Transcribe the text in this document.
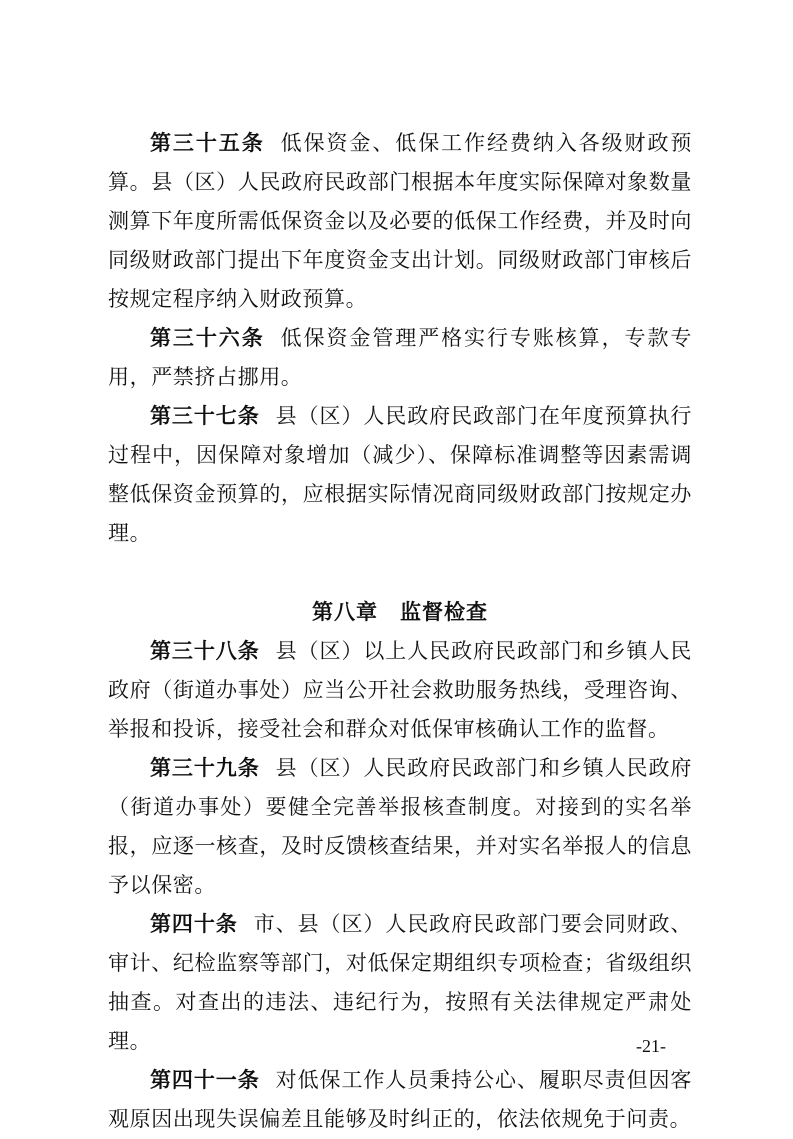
第三十五条 低保资金、低保工作经费纳入各级财政预算。县（区）人民政府民政部门根据本年度实际保障对象数量测算下年度所需低保资金以及必要的低保工作经费，并及时向同级财政部门提出下年度资金支出计划。同级财政部门审核后按规定程序纳入财政预算。

第三十六条 低保资金管理严格实行专账核算，专款专用，严禁挤占挪用。

第三十七条 县（区）人民政府民政部门在年度预算执行过程中，因保障对象增加（减少）、保障标准调整等因素需调整低保资金预算的，应根据实际情况商同级财政部门按规定办理。

第八章　监督检查

第三十八条 县（区）以上人民政府民政部门和乡镇人民政府（街道办事处）应当公开社会救助服务热线，受理咨询、举报和投诉，接受社会和群众对低保审核确认工作的监督。

第三十九条 县（区）人民政府民政部门和乡镇人民政府（街道办事处）要健全完善举报核查制度。对接到的实名举报，应逐一核查，及时反馈核查结果，并对实名举报人的信息予以保密。

第四十条 市、县（区）人民政府民政部门要会同财政、审计、纪检监察等部门，对低保定期组织专项检查；省级组织抽查。对查出的违法、违纪行为，按照有关法律规定严肃处理。

第四十一条 对低保工作人员秉持公心、履职尽责但因客观原因出现失误偏差且能够及时纠正的，依法依规免于问责。

-21-
